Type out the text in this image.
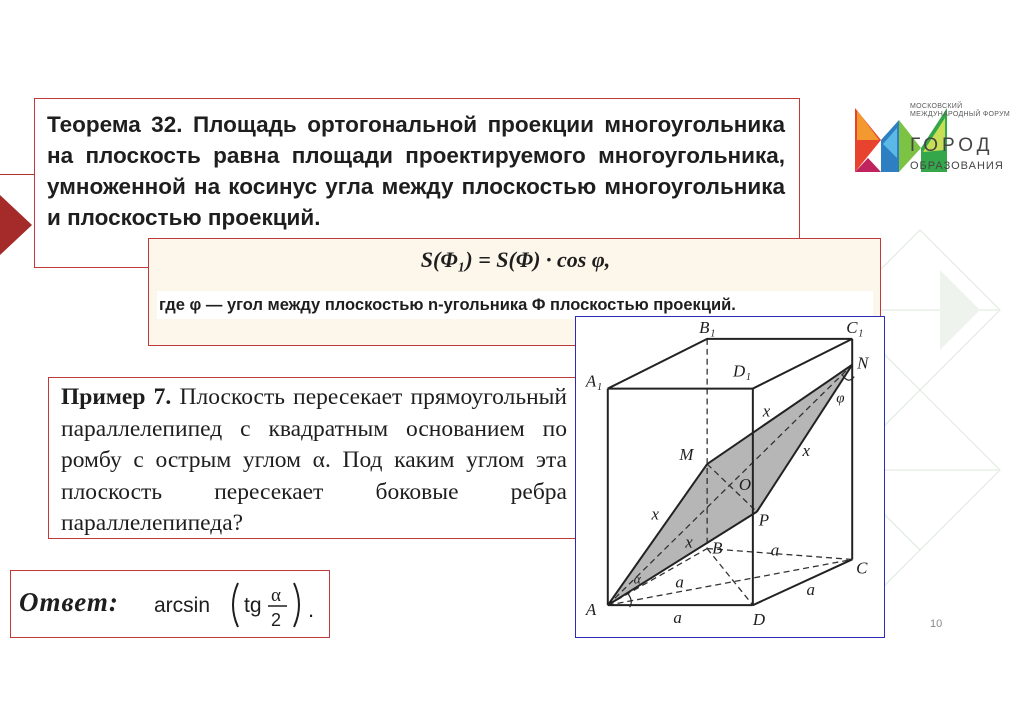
Теорема 32. Площадь ортогональной проекции многоугольника на плоскость равна площади проектируемого многоугольника, умноженной на косинус угла между плоскостью многоугольника и плоскостью проекций.
S(Φ₁) = S(Φ) · cos φ,
где φ — угол между плоскостью n-угольника Φ плоскостью проекций.
Пример 7. Плоскость пересекает прямоугольный параллелепипед с квадратным основанием по ромбу с острым углом α. Под каким углом эта плоскость пересекает боковые ребра параллелепипеда?
Ответ: arcsin tg α
2 .	A
B
C
D
A₁
B₁	C₁
D₁
M
N
O
P
x
x
x
x	a
a	a
a
α
φ
МОСКОВСКИЙ МЕЖДУНАРОДНЫЙ ФОРУМ
ГОРОД
ОБРАЗОВАНИЯ
10
